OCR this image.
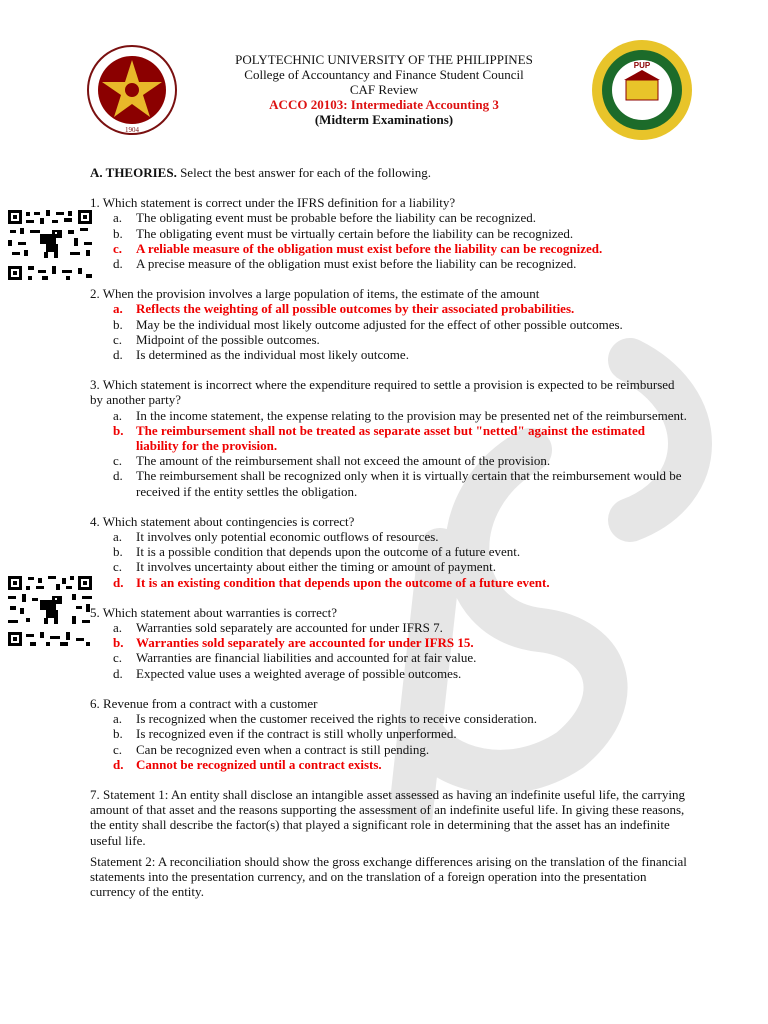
1904
PUP
POLYTECHNIC UNIVERSITY OF THE PHILIPPINES
College of Accountancy and Finance Student Council
CAF Review
ACCO 20103: Intermediate Accounting 3
(Midterm Examinations)
A. THEORIES. Select the best answer for each of the following.
1. Which statement is correct under the IFRS definition for a liability?
a. The obligating event must be probable before the liability can be recognized.
b. The obligating event must be virtually certain before the liability can be recognized.
c. A reliable measure of the obligation must exist before the liability can be recognized.
d. A precise measure of the obligation must exist before the liability can be recognized.
2. When the provision involves a large population of items, the estimate of the amount
a. Reflects the weighting of all possible outcomes by their associated probabilities.
b. May be the individual most likely outcome adjusted for the effect of other possible outcomes.
c. Midpoint of the possible outcomes.
d. Is determined as the individual most likely outcome.
3. Which statement is incorrect where the expenditure required to settle a provision is expected to be reimbursed by another party?
a. In the income statement, the expense relating to the provision may be presented net of the reimbursement.
b. The reimbursement shall not be treated as separate asset but "netted" against the estimated liability for the provision.
c. The amount of the reimbursement shall not exceed the amount of the provision.
d. The reimbursement shall be recognized only when it is virtually certain that the reimbursement would be received if the entity settles the obligation.
4. Which statement about contingencies is correct?
a. It involves only potential economic outflows of resources.
b. It is a possible condition that depends upon the outcome of a future event.
c. It involves uncertainty about either the timing or amount of payment.
d. It is an existing condition that depends upon the outcome of a future event.
5. Which statement about warranties is correct?
a. Warranties sold separately are accounted for under IFRS 7.
b. Warranties sold separately are accounted for under IFRS 15.
c. Warranties are financial liabilities and accounted for at fair value.
d. Expected value uses a weighted average of possible outcomes.
6. Revenue from a contract with a customer
a. Is recognized when the customer received the rights to receive consideration.
b. Is recognized even if the contract is still wholly unperformed.
c. Can be recognized even when a contract is still pending.
d. Cannot be recognized until a contract exists.

7. Statement 1: An entity shall disclose an intangible asset assessed as having an indefinite useful life, the carrying amount of that asset and the reasons supporting the assessment of an indefinite useful life. In giving these reasons, the entity shall describe the factor(s) that played a significant role in determining that the asset has an indefinite useful life.

Statement 2: A reconciliation should show the gross exchange differences arising on the translation of the financial statements into the presentation currency, and on the translation of a foreign operation into the presentation currency of the entity.
